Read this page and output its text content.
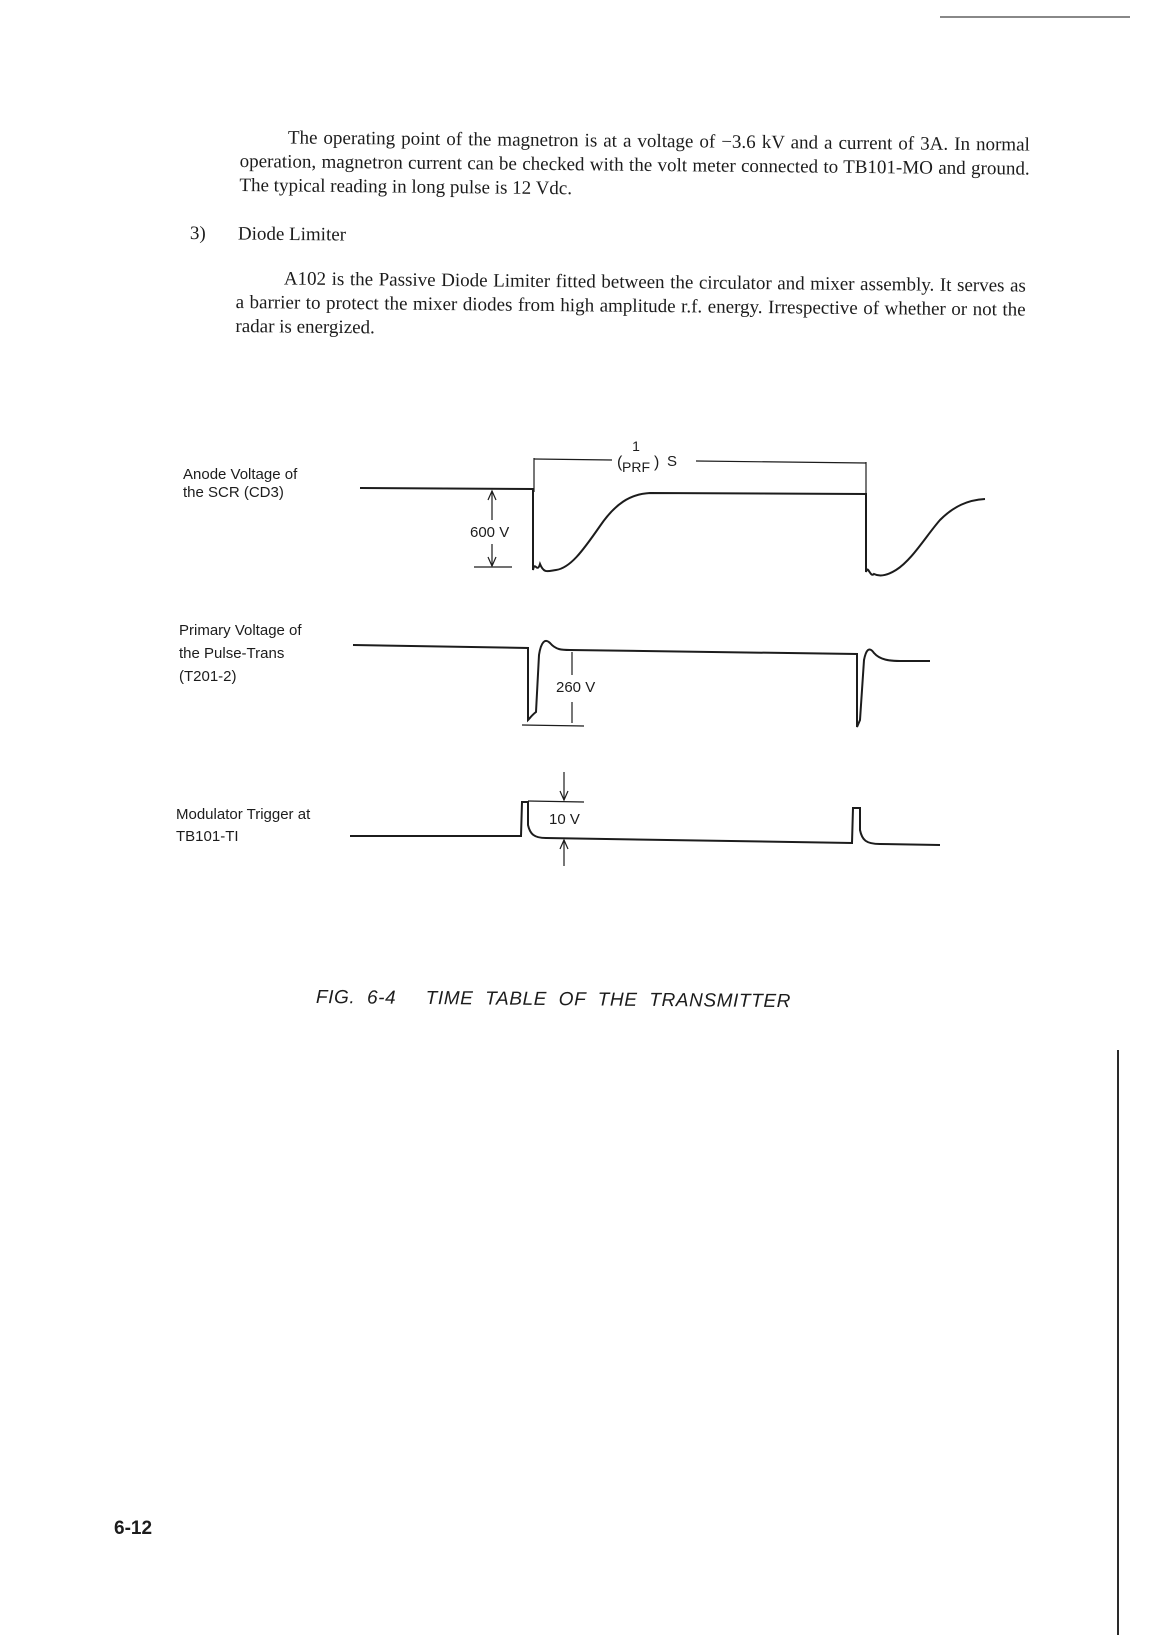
The operating point of the magnetron is at a voltage of −3.6 kV and a current of 3A. In normal operation, magnetron current can be checked with the volt meter connected to TB101-MO and ground. The typical reading in long pulse is 12 Vdc.

3) Diode Limiter

A102 is the Passive Diode Limiter fitted between the circulator and mixer assembly. It serves as a barrier to protect the mixer diodes from high amplitude r.f. energy. Irrespective of whether or not the radar is energized.

(
1
PRF ) S
Anode Voltage of
the SCR (CD3)
600 V
Primary Voltage of
the Pulse-Trans
(T201-2)
260 V
Modulator Trigger at
TB101-TI
10 V
FIG.  6-4     TIME  TABLE  OF  THE  TRANSMITTER
6-12
